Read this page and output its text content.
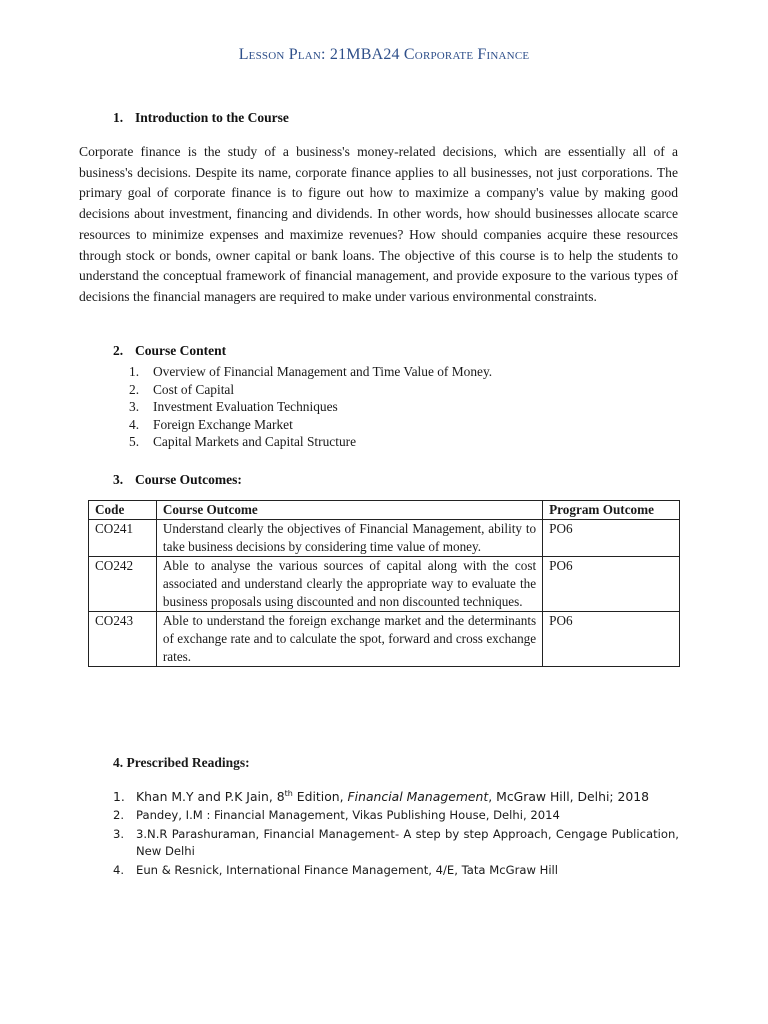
Lesson Plan: 21MBA24 Corporate Finance
1. Introduction to the Course

Corporate finance is the study of a business's money-related decisions, which are essentially all of a business's decisions. Despite its name, corporate finance applies to all businesses, not just corporations. The primary goal of corporate finance is to figure out how to maximize a company's value by making good decisions about investment, financing and dividends. In other words, how should businesses allocate scarce resources to minimize expenses and maximize revenues? How should companies acquire these resources through stock or bonds, owner capital or bank loans. The objective of this course is to help the students to understand the conceptual framework of financial management, and provide exposure to the various types of decisions the financial managers are required to make under various environmental constraints.

2. Course Content
1. Overview of Financial Management and Time Value of Money.
2. Cost of Capital
3. Investment Evaluation Techniques
4. Foreign Exchange Market
5. Capital Markets and Capital Structure
3. Course Outcomes:
Code	Course Outcome	Program Outcome
CO241	Understand clearly the objectives of Financial Management, ability to take business decisions by considering time value of money.	PO6
CO242	Able to analyse the various sources of capital along with the cost associated and understand clearly the appropriate way to evaluate the business proposals using discounted and non discounted techniques.	PO6
CO243	Able to understand the foreign exchange market and the determinants of exchange rate and to calculate the spot, forward and cross exchange rates.	PO6
4. Prescribed Readings:
1. Khan M.Y and P.K Jain, 8th Edition, Financial Management, McGraw Hill, Delhi; 2018
2. Pandey, I.M : Financial Management, Vikas Publishing House, Delhi, 2014
3. 3.N.R Parashuraman, Financial Management- A step by step Approach, Cengage Publication, New Delhi
4. Eun & Resnick, International Finance Management, 4/E, Tata McGraw Hill
